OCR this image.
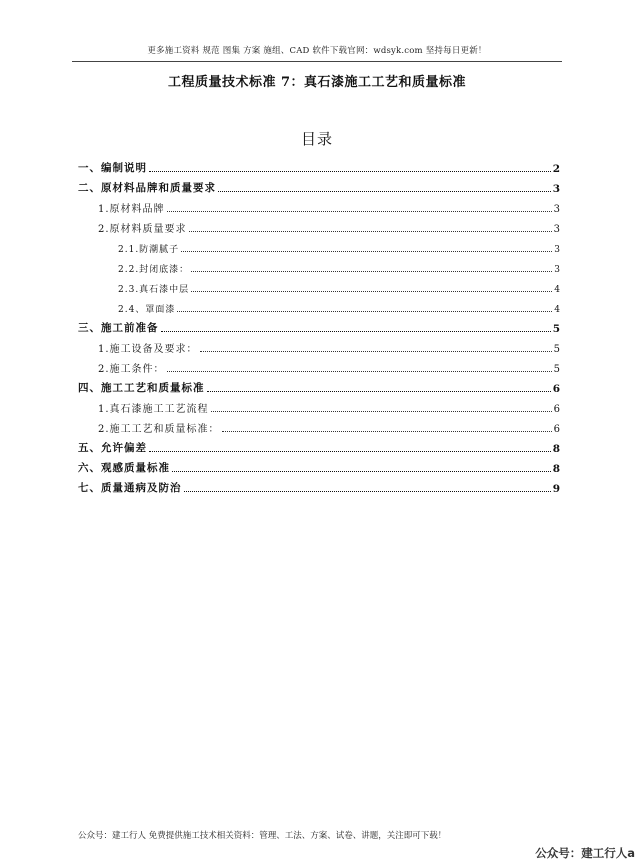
更多施工资料 规范 图集 方案 施组、CAD 软件下载官网：wdsyk.com 坚持每日更新！
工程质量技术标准 7：真石漆施工工艺和质量标准
目录
一、编制说明	2
二、原材料品牌和质量要求	3
1.原材料品牌	3
2.原材料质量要求	3
2.1.防潮腻子	3
2.2.封闭底漆：	3
2.3.真石漆中层	4
2.4、罩面漆	4
三、施工前准备	5
1.施工设备及要求：	5
2.施工条件：	5
四、施工工艺和质量标准	6
1.真石漆施工工艺流程	6
2.施工工艺和质量标准：	6
五、允许偏差	8
六、观感质量标准	8
七、质量通病及防治	9
公众号：建工行人 免费提供施工技术相关资料：管理、工法、方案、试卷、讲题，关注即可下载！
公众号：建工行人a
